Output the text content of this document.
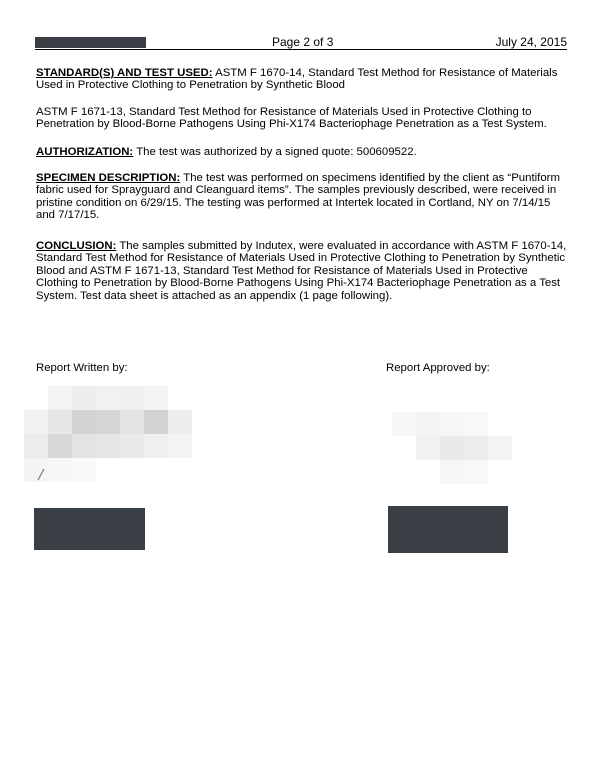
Page 2 of 3	July 24, 2015

STANDARD(S) AND TEST USED: ASTM F 1670-14, Standard Test Method for Resistance of Materials Used in Protective Clothing to Penetration by Synthetic Blood

ASTM F 1671-13, Standard Test Method for Resistance of Materials Used in Protective Clothing to Penetration by Blood-Borne Pathogens Using Phi-X174 Bacteriophage Penetration as a Test System.

AUTHORIZATION: The test was authorized by a signed quote: 500609522.

SPECIMEN DESCRIPTION: The test was performed on specimens identified by the client as “Puntiform fabric used for Sprayguard and Cleanguard items”. The samples previously described, were received in pristine condition on 6/29/15. The testing was performed at Intertek located in Cortland, NY on 7/14/15 and 7/17/15.

CONCLUSION: The samples submitted by Indutex, were evaluated in accordance with ASTM F 1670-14, Standard Test Method for Resistance of Materials Used in Protective Clothing to Penetration by Synthetic Blood and ASTM F 1671-13, Standard Test Method for Resistance of Materials Used in Protective Clothing to Penetration by Blood-Borne Pathogens Using Phi-X174 Bacteriophage Penetration as a Test System. Test data sheet is attached as an appendix (1 page following).

Report Written by:	Report Approved by:
